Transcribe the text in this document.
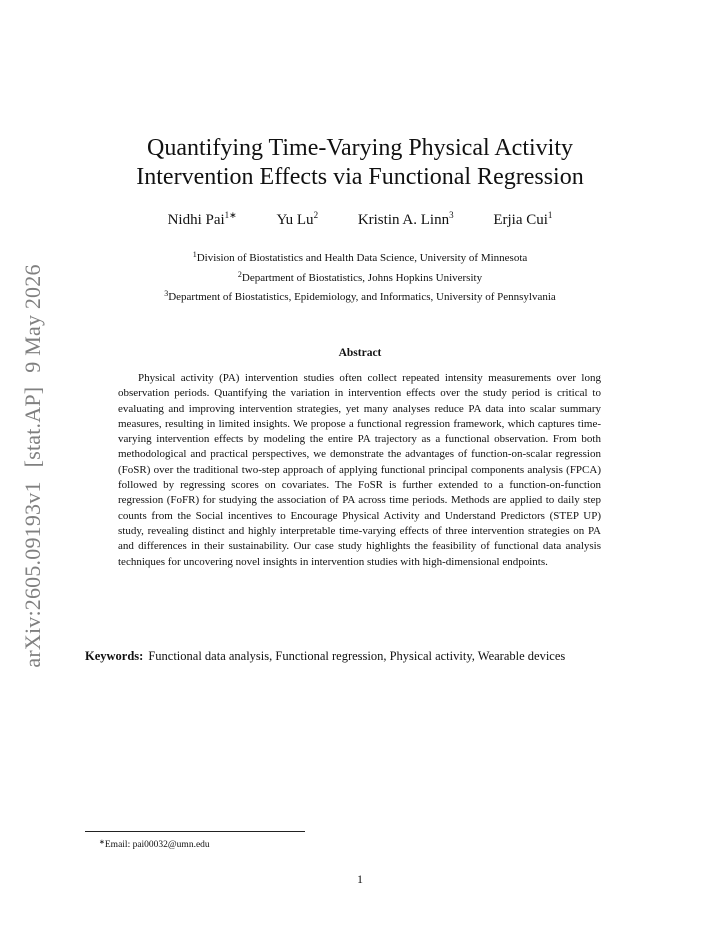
arXiv:2605.09193v1[stat.AP]9 May 2026
Quantifying Time-Varying Physical Activity
Intervention Effects via Functional Regression
Nidhi Pai$^{1∗}$	Yu Lu$^2$	Kristin A. Linn$^3$	Erjia Cui$^1$
$^1$Division of Biostatistics and Health Data Science, University of Minnesota
$^2$Department of Biostatistics, Johns Hopkins University
$^3$Department of Biostatistics, Epidemiology, and Informatics, University of Pennsylvania
Abstract

Physical activity (PA) intervention studies often collect repeated intensity measurements over long observation periods. Quantifying the variation in intervention effects over the study period is critical to evaluating and improving intervention strategies, yet many analyses reduce PA data into scalar summary measures, resulting in limited insights. We propose a functional regression framework, which captures time-varying intervention effects by modeling the entire PA trajectory as a functional observation. From both methodological and practical perspectives, we demonstrate the advantages of function-on-scalar regression (FoSR) over the traditional two-step approach of applying functional principal components analysis (FPCA) followed by regressing scores on covariates. The FoSR is further extended to a function-on-function regression (FoFR) for studying the association of PA across time periods. Methods are applied to daily step counts from the Social incentives to Encourage Physical Activity and Understand Predictors (STEP UP) study, revealing distinct and highly interpretable time-varying effects of three intervention strategies on PA and differences in their sustainability. Our case study highlights the feasibility of functional data analysis techniques for uncovering novel insights in intervention studies with high-dimensional endpoints.

Keywords: Functional data analysis, Functional regression, Physical activity, Wearable devices
∗Email: pai00032@umn.edu
1
